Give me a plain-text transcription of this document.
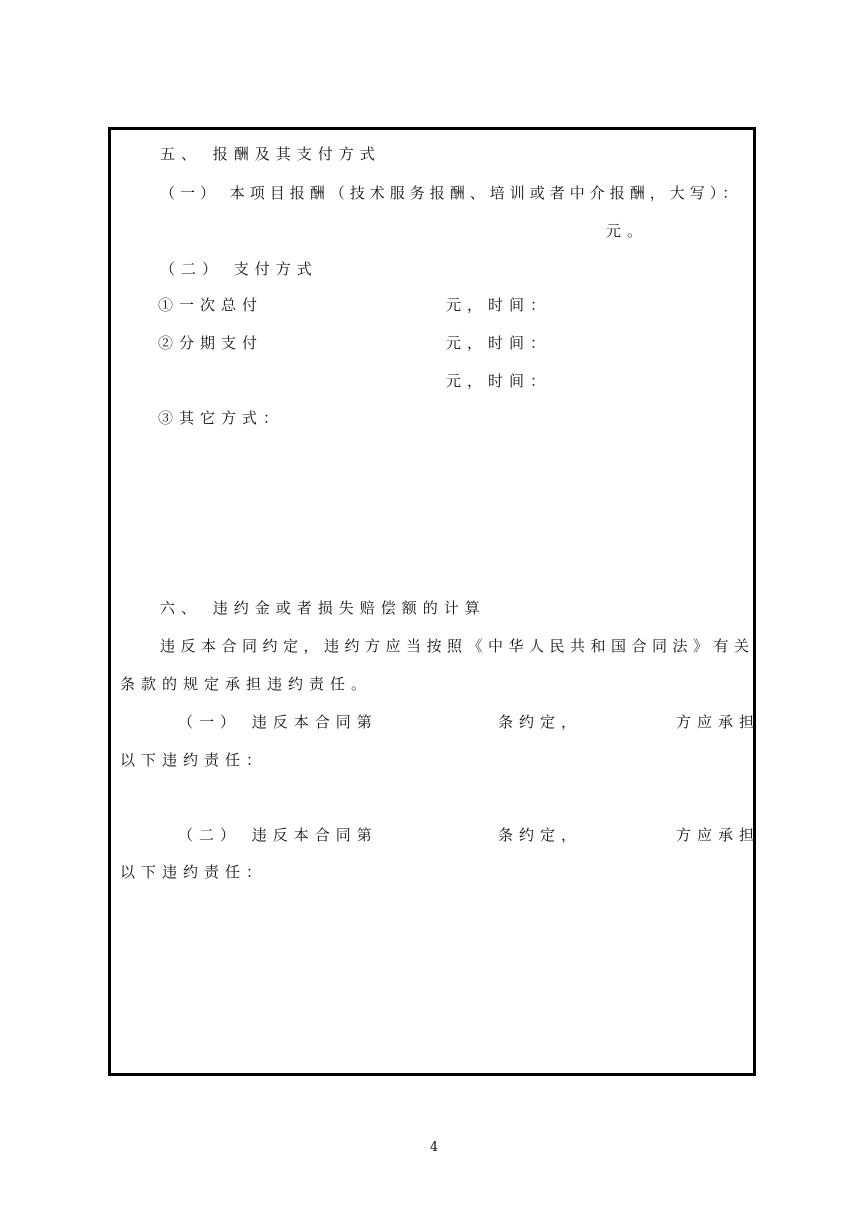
五、 报酬及其支付方式
（一） 本项目报酬（技术服务报酬、培训或者中介报酬，大写）：
元。
（二） 支付方式
①一次总付	元，时间：
②分期支付	元，时间：
元，时间：
③其它方式：
六、 违约金或者损失赔偿额的计算
违反本合同约定，违约方应当按照《中华人民共和国合同法》有关
条款的规定承担违约责任。
（一） 违反本合同第	条约定，	方应承担
以下违约责任：
（二） 违反本合同第	条约定，	方应承担
以下违约责任：
4
